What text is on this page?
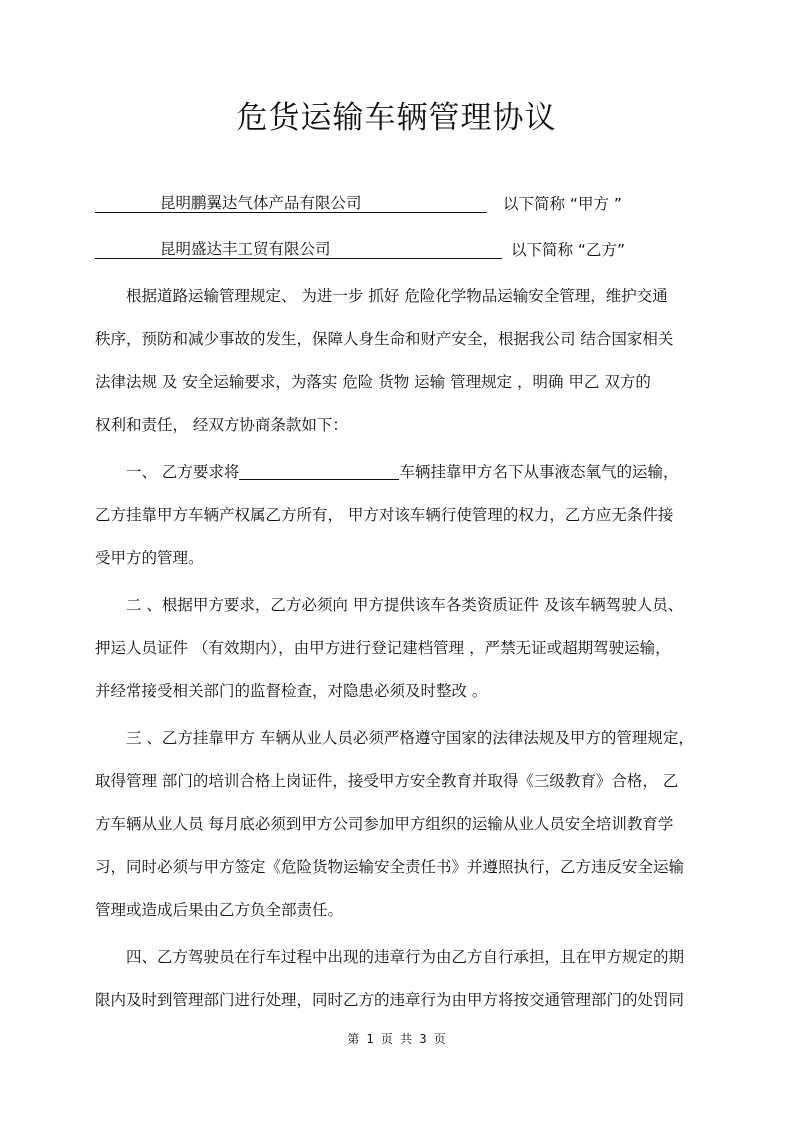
危货运输车辆管理协议
昆明鹏翼达气体产品有限公司	以下简称 “甲方 ”
昆明盛达丰工贸有限公司	以下简称 “乙方”
根据道路运输管理规定、 为进一步 抓好 危险化学物品运输安全管理，维护交通
秩序，预防和减少事故的发生，保障人身生命和财产安全，根据我公司 结合国家相关
法律法规 及 安全运输要求，为落实 危险 货物 运输 管理规定 ，明确 甲乙 双方的
权利和责任， 经双方协商条款如下：
一、 乙方要求将	车辆挂靠甲方名下从事液态氧气的运输，
乙方挂靠甲方车辆产权属乙方所有， 甲方对该车辆行使管理的权力，乙方应无条件接
受甲方的管理。
二 、根据甲方要求，乙方必须向 甲方提供该车各类资质证件 及该车辆驾驶人员、
押运人员证件 （有效期内），由甲方进行登记建档管理 ，严禁无证或超期驾驶运输，
并经常接受相关部门的监督检查，对隐患必须及时整改 。
三 、乙方挂靠甲方 车辆从业人员必须严格遵守国家的法律法规及甲方的管理规定，
取得管理 部门的培训合格上岗证件，接受甲方安全教育并取得《三级教育》合格， 乙
方车辆从业人员 每月底必须到甲方公司参加甲方组织的运输从业人员安全培训教育学
习，同时必须与甲方签定《危险货物运输安全责任书》并遵照执行，乙方违反安全运输
管理或造成后果由乙方负全部责任。
四、乙方驾驶员在行车过程中出现的违章行为由乙方自行承担，且在甲方规定的期
限内及时到管理部门进行处理，同时乙方的违章行为由甲方将按交通管理部门的处罚同
第 1 页 共 3 页
